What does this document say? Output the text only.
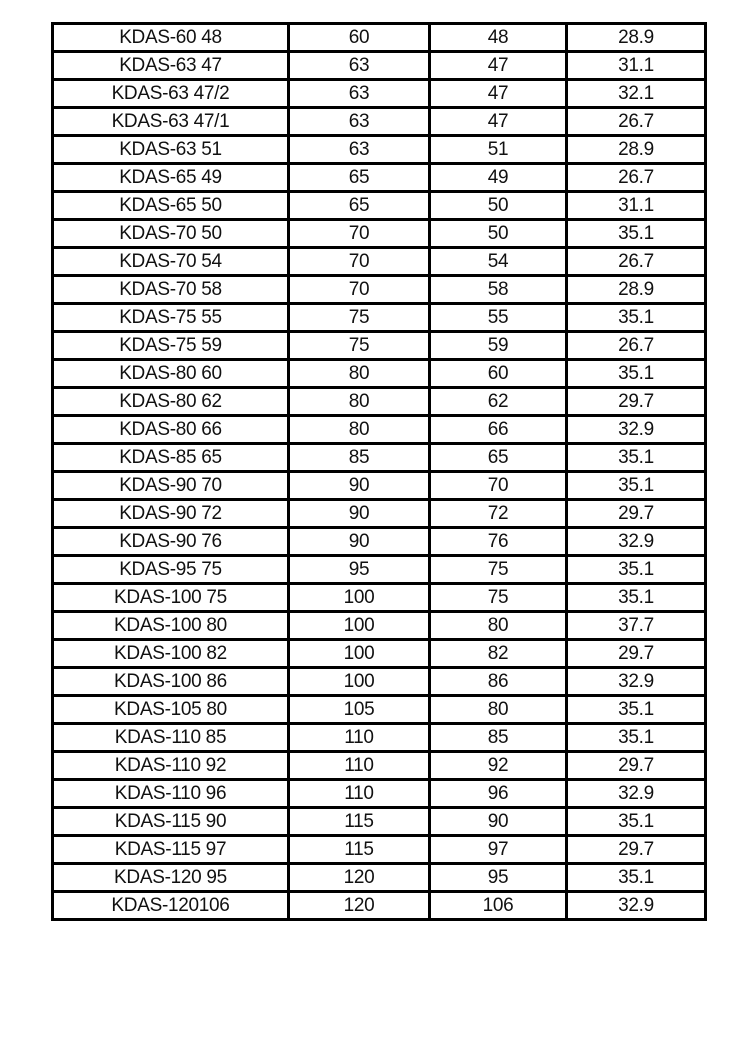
KDAS-60 48	60	48	28.9
KDAS-63 47	63	47	31.1
KDAS-63 47/2	63	47	32.1
KDAS-63 47/1	63	47	26.7
KDAS-63 51	63	51	28.9
KDAS-65 49	65	49	26.7
KDAS-65 50	65	50	31.1
KDAS-70 50	70	50	35.1
KDAS-70 54	70	54	26.7
KDAS-70 58	70	58	28.9
KDAS-75 55	75	55	35.1
KDAS-75 59	75	59	26.7
KDAS-80 60	80	60	35.1
KDAS-80 62	80	62	29.7
KDAS-80 66	80	66	32.9
KDAS-85 65	85	65	35.1
KDAS-90 70	90	70	35.1
KDAS-90 72	90	72	29.7
KDAS-90 76	90	76	32.9
KDAS-95 75	95	75	35.1
KDAS-100 75	100	75	35.1
KDAS-100 80	100	80	37.7
KDAS-100 82	100	82	29.7
KDAS-100 86	100	86	32.9
KDAS-105 80	105	80	35.1
KDAS-110 85	110	85	35.1
KDAS-110 92	110	92	29.7
KDAS-110 96	110	96	32.9
KDAS-115 90	115	90	35.1
KDAS-115 97	115	97	29.7
KDAS-120 95	120	95	35.1
KDAS-120106	120	106	32.9
